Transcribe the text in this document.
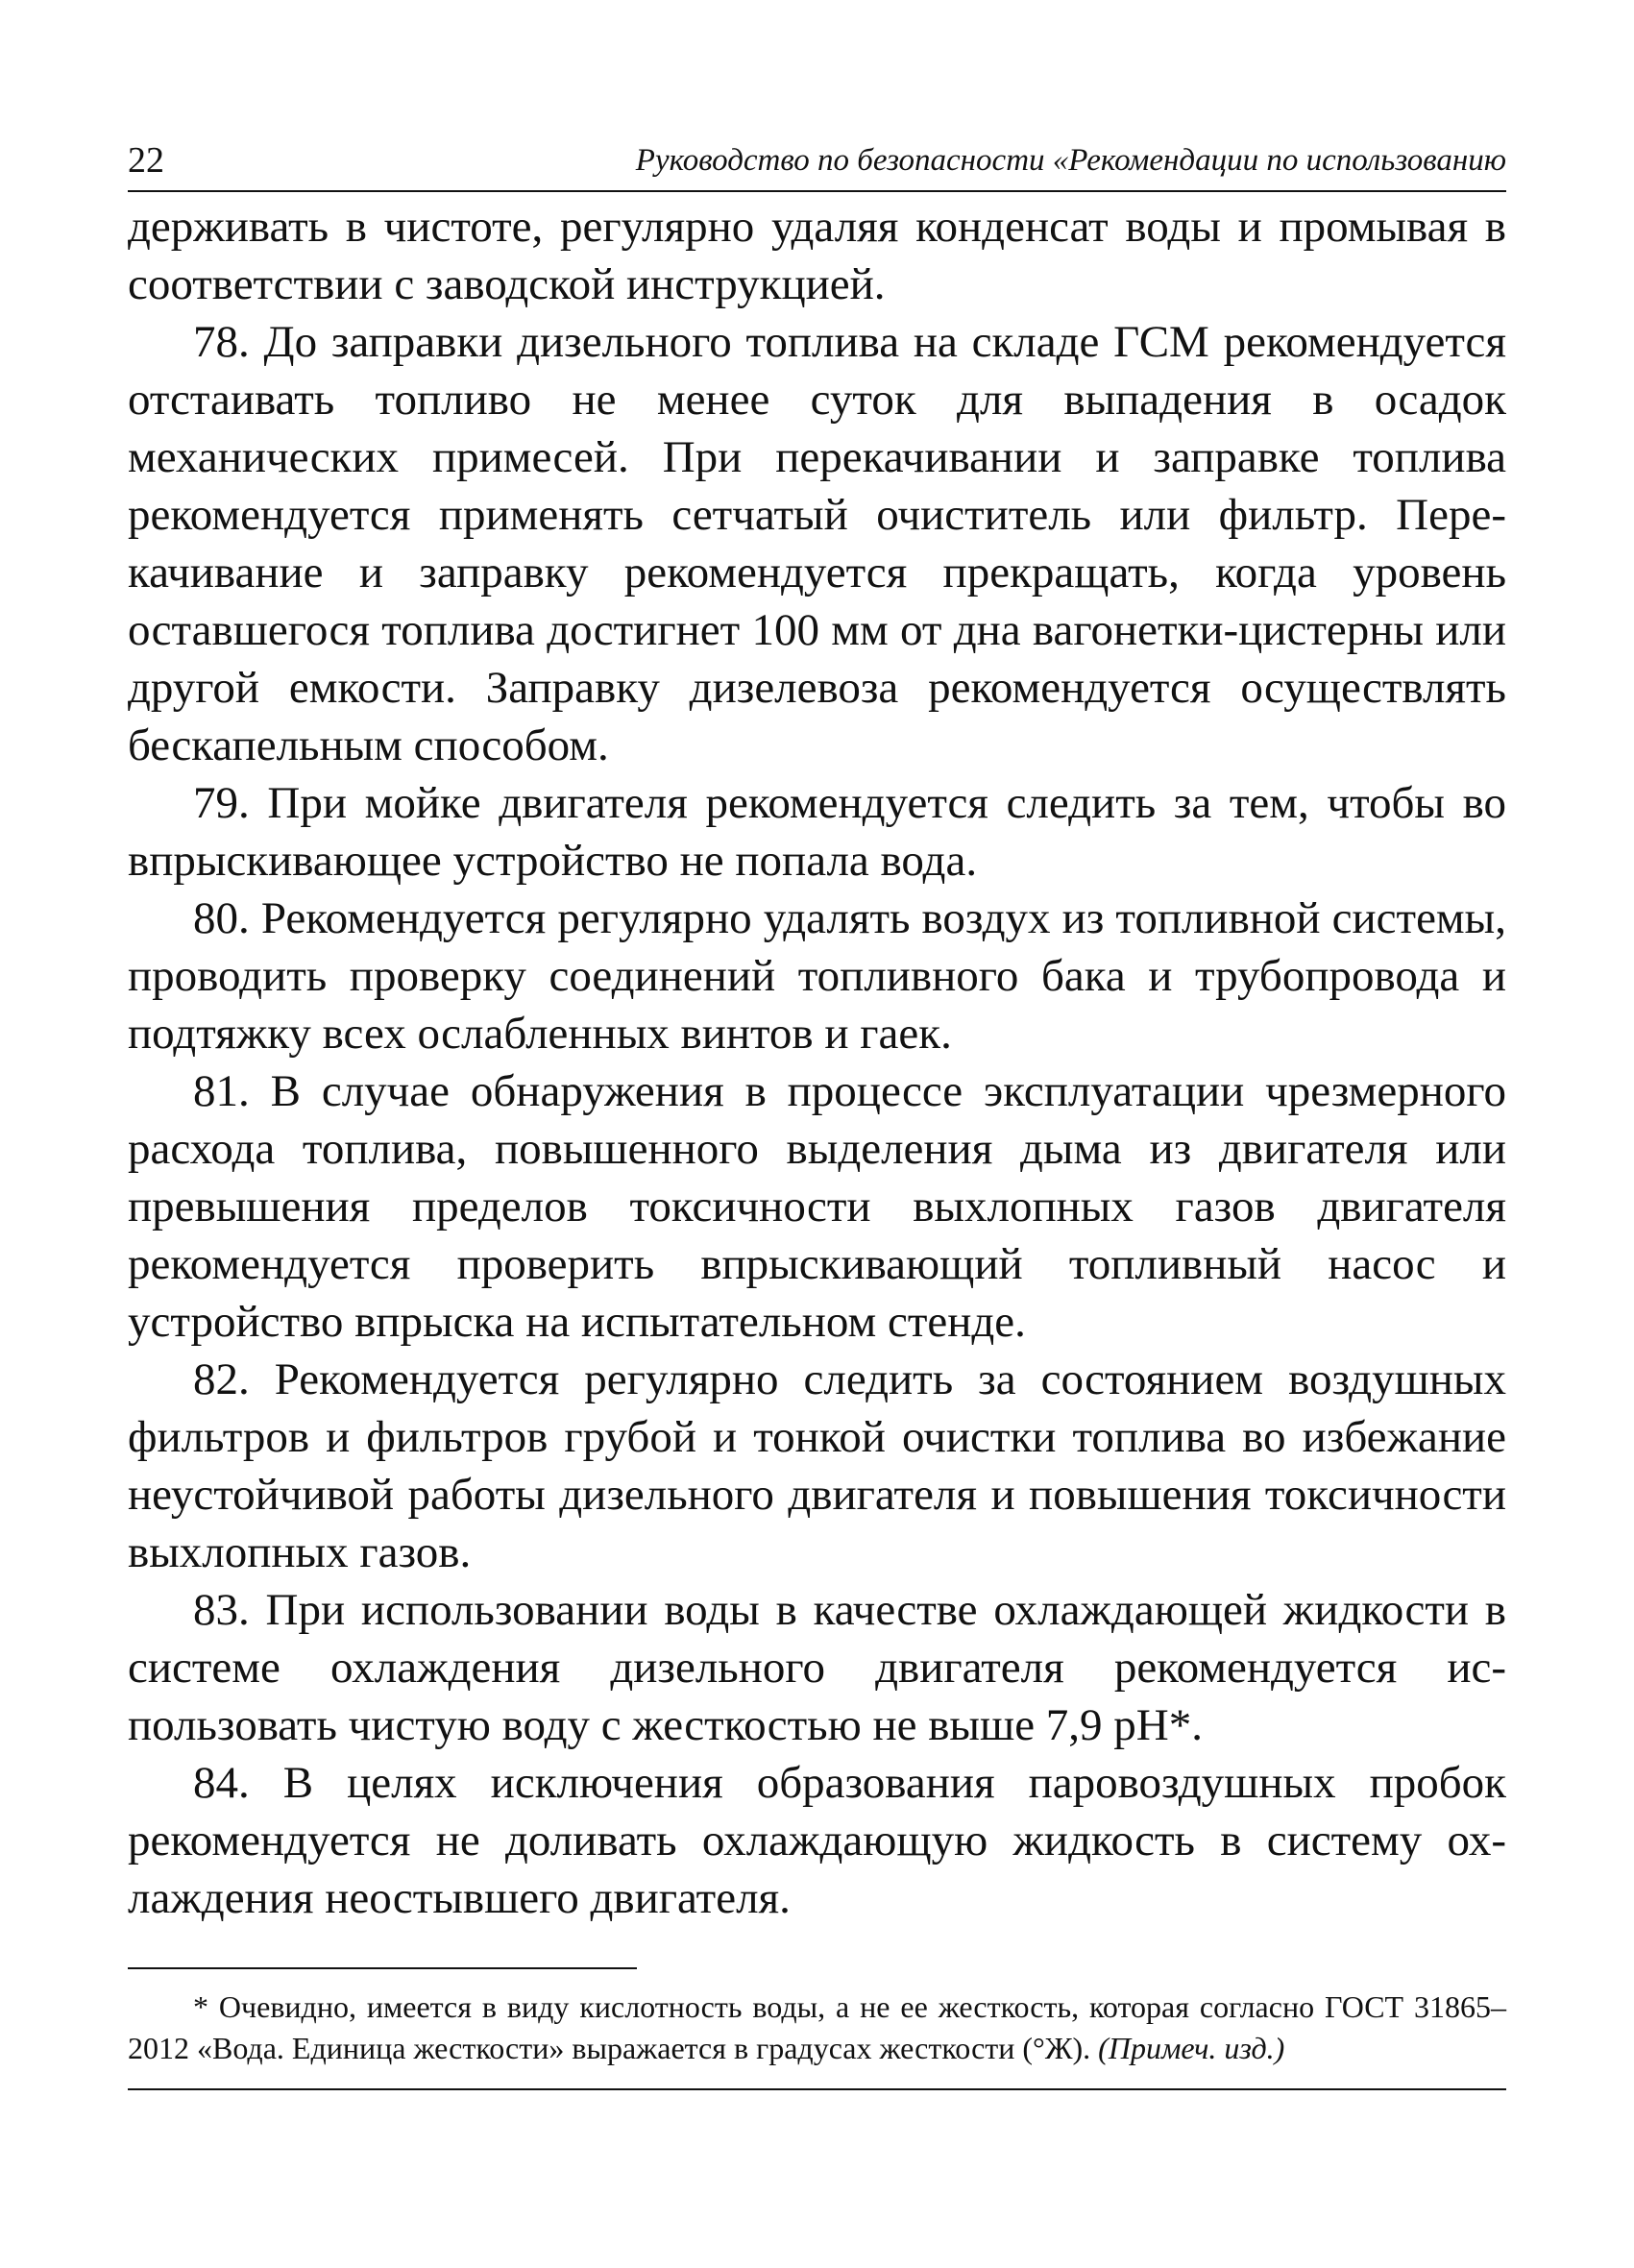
22	Руководство по безопасности «Рекомендации по использованию

держивать в чистоте, регулярно удаляя конденсат воды и промывая в соответствии с заводской инструкцией.

78. До заправки дизельного топлива на складе ГСМ рекомендуется отстаивать топливо не менее суток для выпадения в осадок механических примесей. При перекачивании и заправке топлива рекомендуется применять сетчатый очиститель или фильтр. Перекачивание и заправку рекомендуется прекращать, когда уровень оставшегося топлива достигнет 100 мм от дна вагонетки-цистерны или другой емкости. Заправку дизелевоза рекомендуется осуществлять бескапельным способом.

79. При мойке двигателя рекомендуется следить за тем, чтобы во впрыскивающее устройство не попала вода.

80. Рекомендуется регулярно удалять воздух из топливной системы, проводить проверку соединений топливного бака и трубопровода и подтяжку всех ослабленных винтов и гаек.

81. В случае обнаружения в процессе эксплуатации чрезмерного расхода топлива, повышенного выделения дыма из двигателя или превышения пределов токсичности выхлопных газов двигателя рекомендуется проверить впрыскивающий топливный насос и устройство впрыска на испытательном стенде.

82. Рекомендуется регулярно следить за состоянием воздушных фильтров и фильтров грубой и тонкой очистки топлива во избежание неустойчивой работы дизельного двигателя и повышения токсичности выхлопных газов.

83. При использовании воды в качестве охлаждающей жидкости в системе охлаждения дизельного двигателя рекомендуется использовать чистую воду с жесткостью не выше 7,9 pH*.

84. В целях исключения образования паровоздушных пробок рекомендуется не доливать охлаждающую жидкость в систему охлаждения неостывшего двигателя.

* Очевидно, имеется в виду кислотность воды, а не ее жесткость, которая согласно ГОСТ 31865–2012 «Вода. Единица жесткости» выражается в градусах жесткости (°Ж). (Примеч. изд.)
